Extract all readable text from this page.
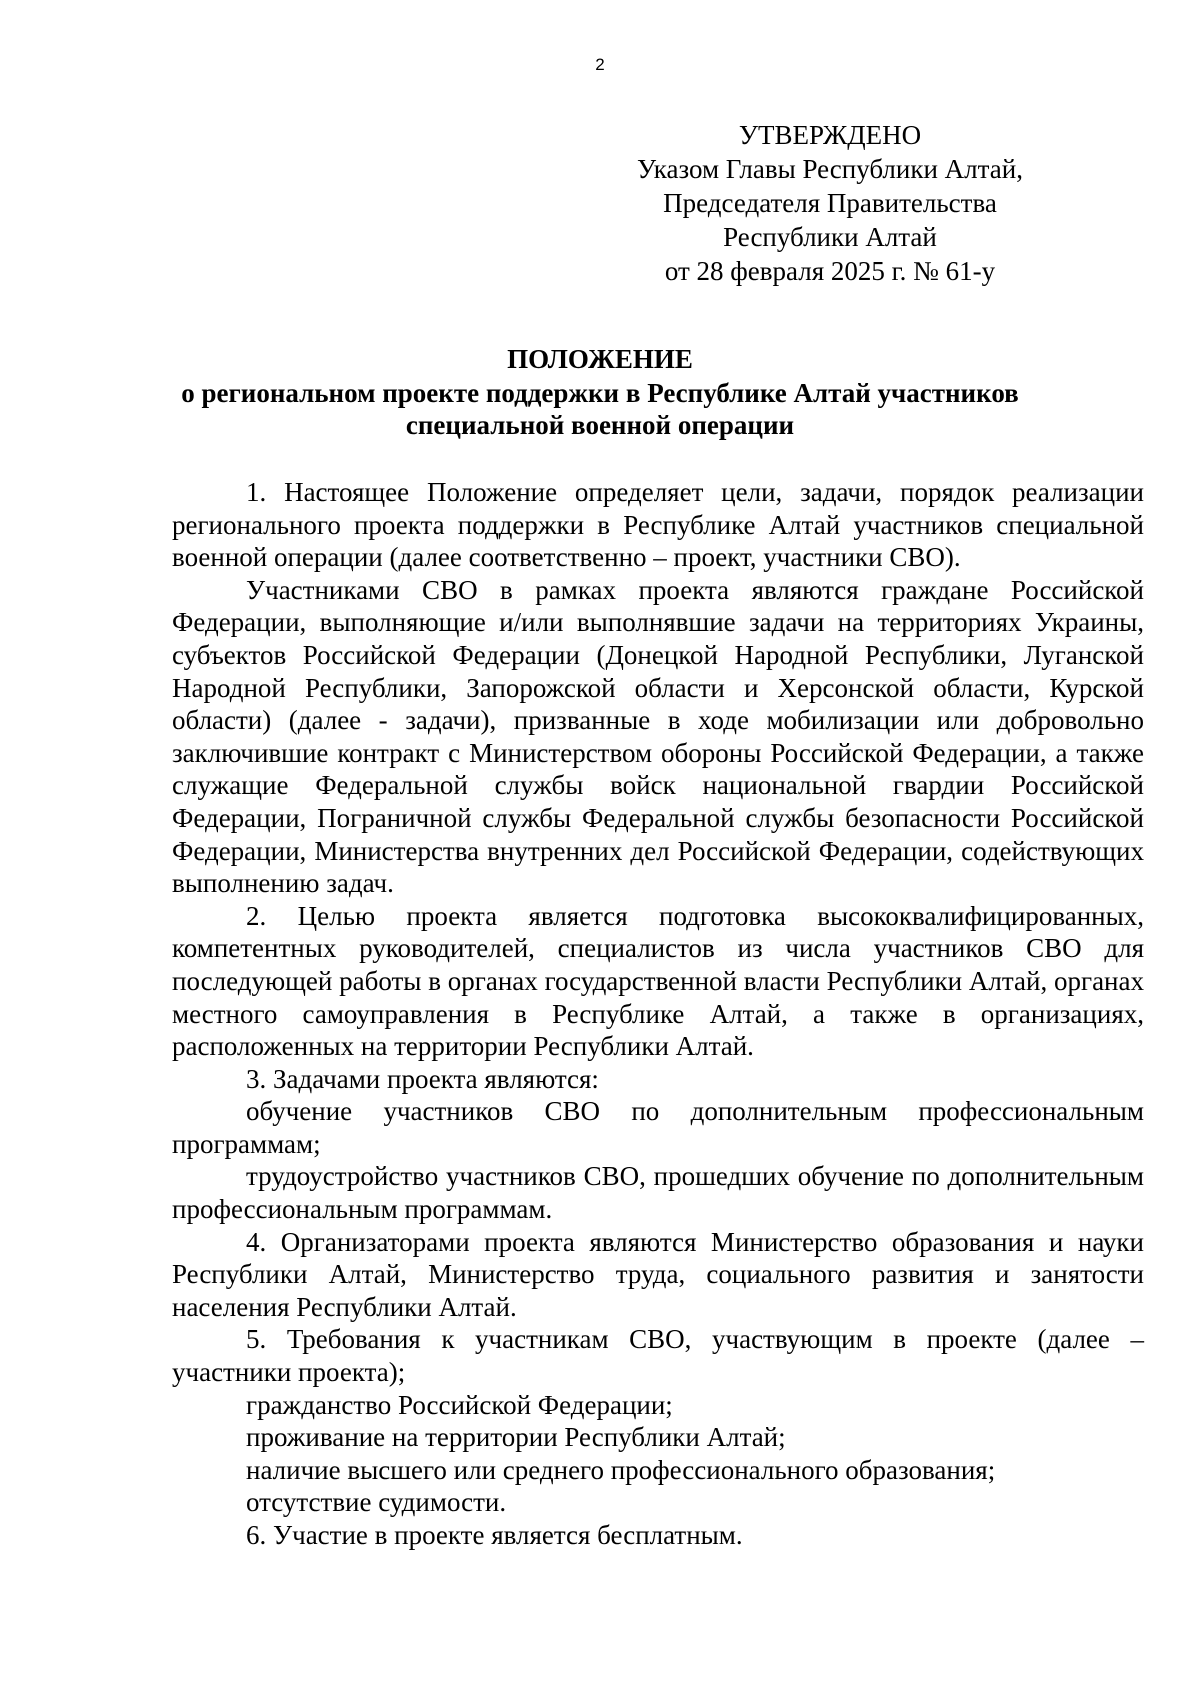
2
УТВЕРЖДЕНО
Указом Главы Республики Алтай,
Председателя Правительства
Республики Алтай
от 28 февраля 2025 г. № 61-у
ПОЛОЖЕНИЕ
о региональном проекте поддержки в Республике Алтай участников
специальной военной операции

1. Настоящее Положение определяет цели, задачи, порядок реализации регионального проекта поддержки в Республике Алтай участников специальной военной операции (далее соответственно – проект, участники СВО).

Участниками СВО в рамках проекта являются граждане Российской Федерации, выполняющие и/или выполнявшие задачи на территориях Украины, субъектов Российской Федерации (Донецкой Народной Республики, Луганской Народной Республики, Запорожской области и Херсонской области, Курской области) (далее - задачи), призванные в ходе мобилизации или добровольно заключившие контракт с Министерством обороны Российской Федерации, а также служащие Федеральной службы войск национальной гвардии Российской Федерации, Пограничной службы Федеральной службы безопасности Российской Федерации, Министерства внутренних дел Российской Федерации, содействующих выполнению задач.

2. Целью проекта является подготовка высококвалифицированных, компетентных руководителей, специалистов из числа участников СВО для последующей работы в органах государственной власти Республики Алтай, органах местного самоуправления в Республике Алтай, а также в организациях, расположенных на территории Республики Алтай.

3. Задачами проекта являются:

обучение участников СВО по дополнительным профессиональным программам;

трудоустройство участников СВО, прошедших обучение по дополнительным профессиональным программам.

4. Организаторами проекта являются Министерство образования и науки Республики Алтай, Министерство труда, социального развития и занятости населения Республики Алтай.

5. Требования к участникам СВО, участвующим в проекте (далее – участники проекта);

гражданство Российской Федерации;

проживание на территории Республики Алтай;

наличие высшего или среднего профессионального образования;

отсутствие судимости.

6. Участие в проекте является бесплатным.
